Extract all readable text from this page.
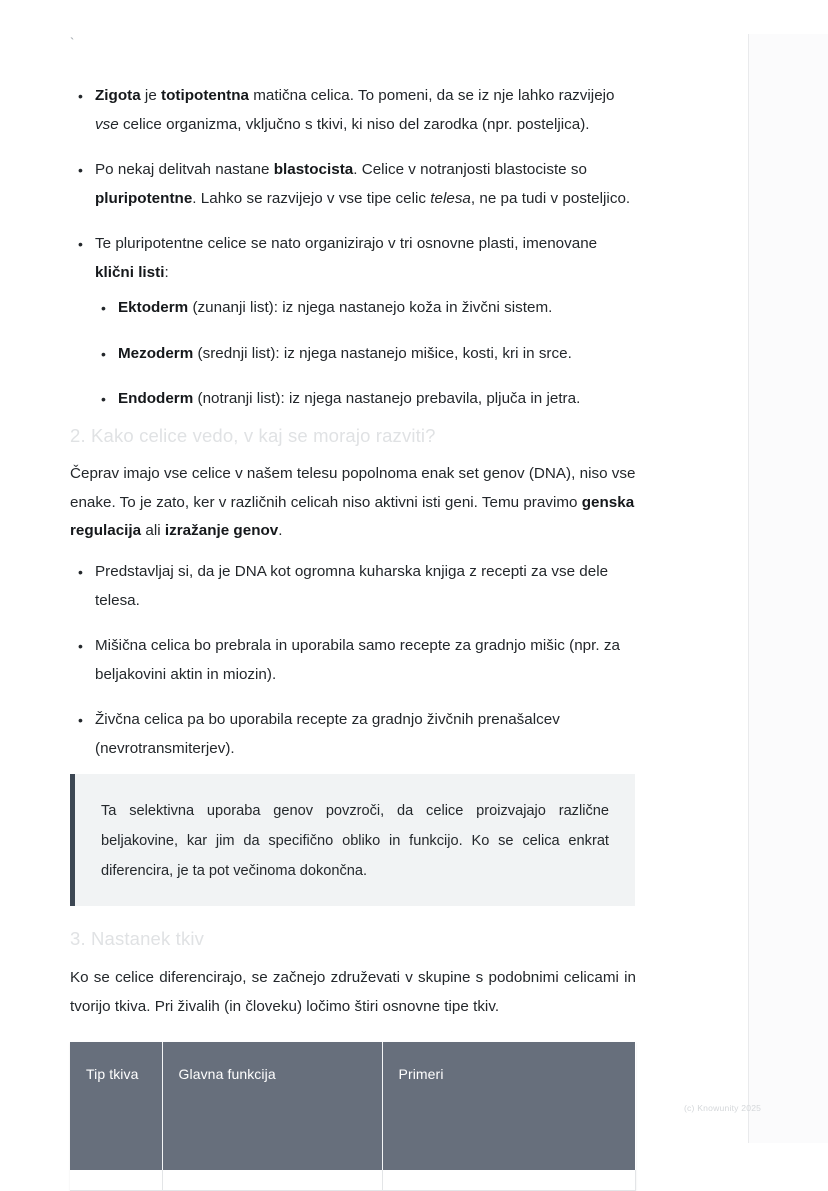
`
• Zigota je totipotentna matična celica. To pomeni, da se iz nje lahko razvijejo vse celice organizma, vključno s tkivi, ki niso del zarodka (npr. posteljica).
• Po nekaj delitvah nastane blastocista. Celice v notranjosti blastociste so pluripotentne. Lahko se razvijejo v vse tipe celic telesa, ne pa tudi v posteljico.
• Te pluripotentne celice se nato organizirajo v tri osnovne plasti, imenovane klični listi:
• Ektoderm (zunanji list): iz njega nastanejo koža in živčni sistem.
• Mezoderm (srednji list): iz njega nastanejo mišice, kosti, kri in srce.
• Endoderm (notranji list): iz njega nastanejo prebavila, pljuča in jetra.
2. Kako celice vedo, v kaj se morajo razviti?

Čeprav imajo vse celice v našem telesu popolnoma enak set genov (DNA), niso vse enake. To je zato, ker v različnih celicah niso aktivni isti geni. Temu pravimo genska regulacija ali izražanje genov.

• Predstavljaj si, da je DNA kot ogromna kuharska knjiga z recepti za vse dele telesa.
• Mišična celica bo prebrala in uporabila samo recepte za gradnjo mišic (npr. za beljakovini aktin in miozin).
• Živčna celica pa bo uporabila recepte za gradnjo živčnih prenašalcev (nevrotransmiterjev).
•

Ta selektivna uporaba genov povzroči, da celice proizvajajo različne beljakovine, kar jim da specifično obliko in funkcijo. Ko se celica enkrat diferencira, je ta pot večinoma dokončna.

3. Nastanek tkiv

Ko se celice diferencirajo, se začnejo združevati v skupine s podobnimi celicami in tvorijo tkiva. Pri živalih (in človeku) ločimo štiri osnovne tipe tkiv.

Tip tkiva	Glavna funkcija	Primeri

(c) Knowunity 2025
